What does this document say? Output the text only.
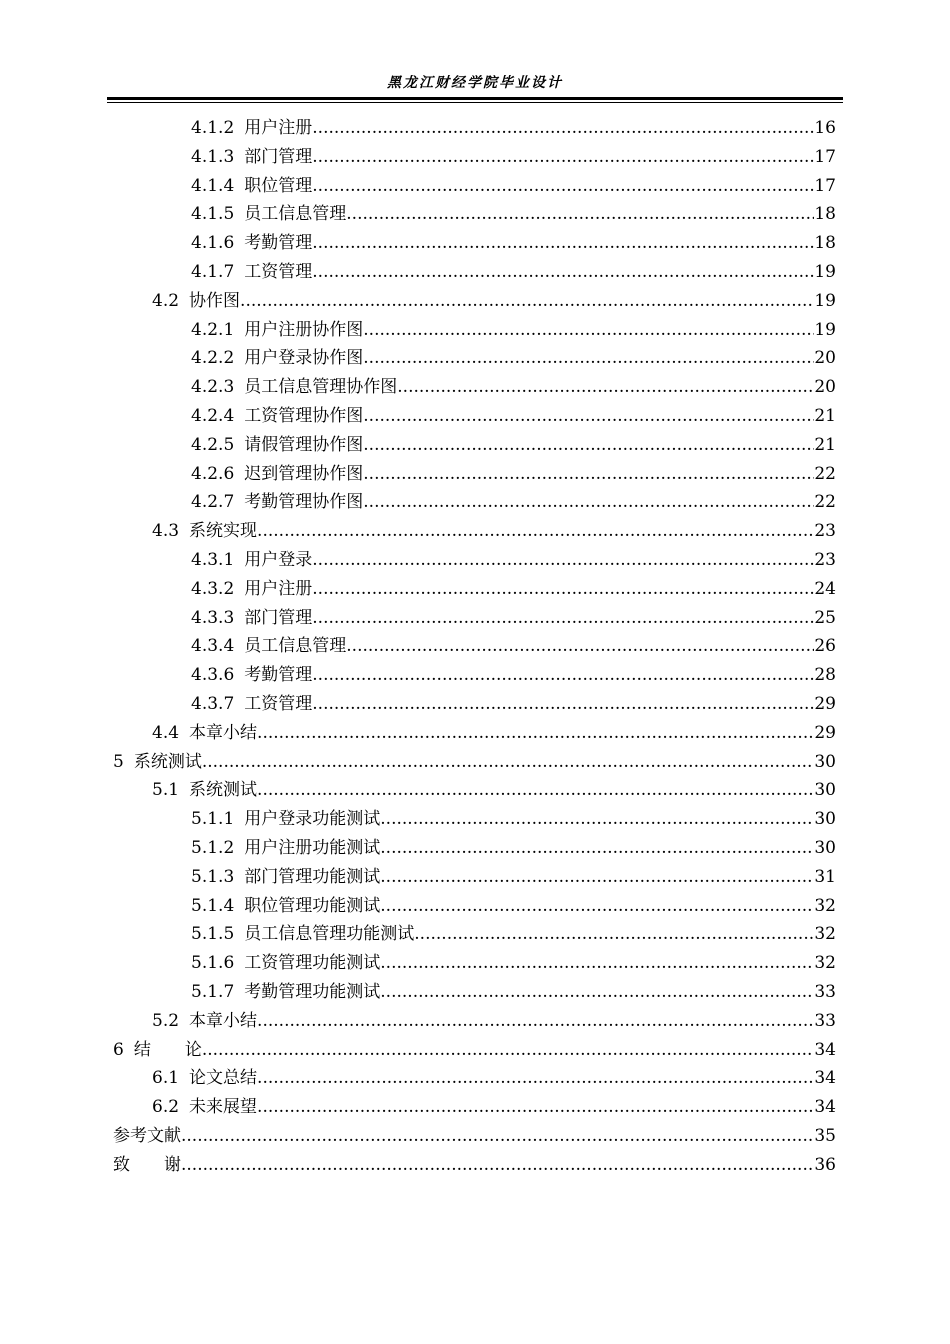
黑龙江财经学院毕业设计
4.1.2 用户注册 .....	16
4.1.3 部门管理 .....	17
4.1.4 职位管理 .....	17
4.1.5 员工信息管理 .....	18
4.1.6 考勤管理 .....	18
4.1.7 工资管理 .....	19
4.2 协作图 .....	19
4.2.1 用户注册协作图 .....	19
4.2.2 用户登录协作图 .....	20
4.2.3 员工信息管理协作图 .....	20
4.2.4 工资管理协作图 .....	21
4.2.5 请假管理协作图 .....	21
4.2.6 迟到管理协作图 .....	22
4.2.7 考勤管理协作图 .....	22
4.3 系统实现 .....	23
4.3.1 用户登录 .....	23
4.3.2 用户注册 .....	24
4.3.3 部门管理 .....	25
4.3.4 员工信息管理 .....	26
4.3.6 考勤管理 .....	28
4.3.7 工资管理 .....	29
4.4 本章小结 .....	29
5 系统测试 .....	30
5.1 系统测试 .....	30
5.1.1 用户登录功能测试 .....	30
5.1.2 用户注册功能测试 .....	30
5.1.3 部门管理功能测试 .....	31
5.1.4 职位管理功能测试 .....	32
5.1.5 员工信息管理功能测试 .....	32
5.1.6 工资管理功能测试 .....	32
5.1.7 考勤管理功能测试 .....	33
5.2 本章小结 .....	33
6 结　　论 .....	34
6.1 论文总结 .....	34
6.2 未来展望 .....	34
参考文献 .....	35
致　　谢 .....	36
